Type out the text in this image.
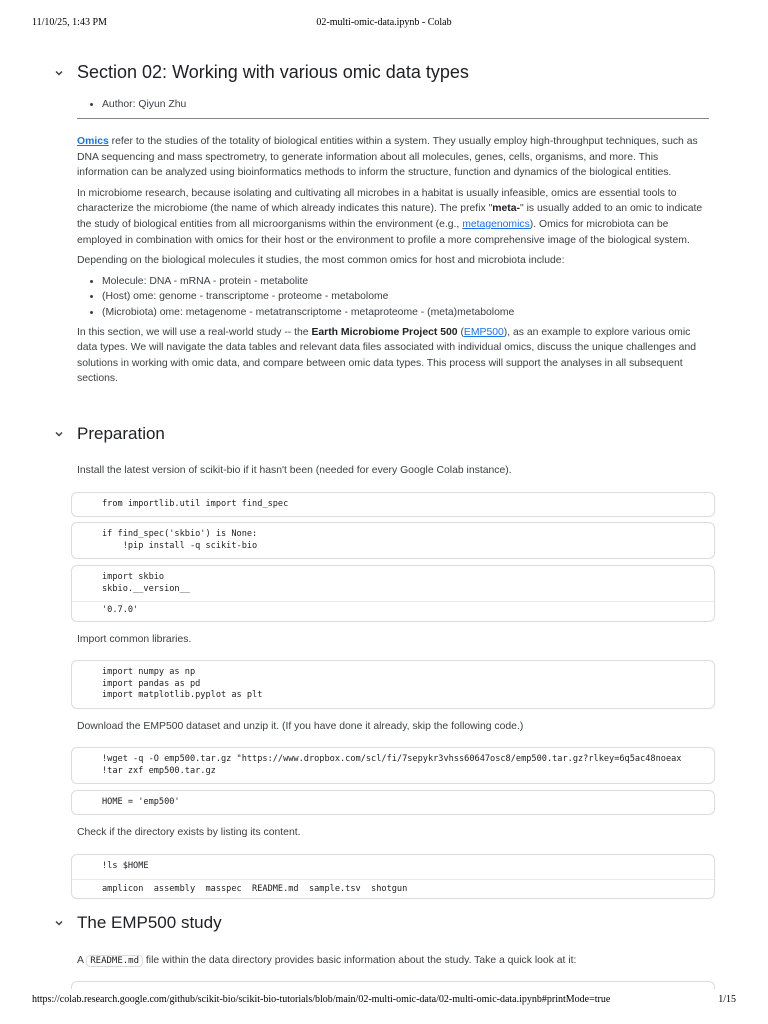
11/10/25, 1:43 PM	02-multi-omic-data.ipynb - Colab
Section 02: Working with various omic data types
• Author: Qiyun Zhu

Omics refer to the studies of the totality of biological entities within a system. They usually employ high-throughput techniques, such as DNA sequencing and mass spectrometry, to generate information about all molecules, genes, cells, organisms, and more. This information can be analyzed using bioinformatics methods to inform the structure, function and dynamics of the biological entities.

In microbiome research, because isolating and cultivating all microbes in a habitat is usually infeasible, omics are essential tools to characterize the microbiome (the name of which already indicates this nature). The prefix "meta-" is usually added to an omic to indicate the study of biological entities from all microorganisms within the environment (e.g., metagenomics). Omics for microbiota can be employed in combination with omics for their host or the environment to profile a more comprehensive image of the biological system.

Depending on the biological molecules it studies, the most common omics for host and microbiota include:

• Molecule: DNA - mRNA - protein - metabolite
• (Host) ome: genome - transcriptome - proteome - metabolome
• (Microbiota) ome: metagenome - metatranscriptome - metaproteome - (meta)metabolome

In this section, we will use a real-world study -- the Earth Microbiome Project 500 (EMP500), as an example to explore various omic data types. We will navigate the data tables and relevant data files associated with individual omics, discuss the unique challenges and solutions in working with omic data, and compare between omic data types. This process will support the analyses in all subsequent sections.

Preparation
Install the latest version of scikit-bio if it hasn't been (needed for every Google Colab instance).
from importlib.util import find_spec
if find_spec('skbio') is None:
!pip install -q scikit-bio
import skbio
skbio.__version__
'0.7.0'
Import common libraries.
import numpy as np
import pandas as pd
import matplotlib.pyplot as plt
Download the EMP500 dataset and unzip it. (If you have done it already, skip the following code.)
!wget -q -O emp500.tar.gz "https://www.dropbox.com/scl/fi/7sepykr3vhss60647osc8/emp500.tar.gz?rlkey=6q5ac48noeax
!tar zxf emp500.tar.gz
HOME = 'emp500'
Check if the directory exists by listing its content.
!ls $HOME
amplicon  assembly  masspec  README.md  sample.tsv  shotgun
The EMP500 study
A README.md file within the data directory provides basic information about the study. Take a quick look at it:
https://colab.research.google.com/github/scikit-bio/scikit-bio-tutorials/blob/main/02-multi-omic-data/02-multi-omic-data.ipynb#printMode=true	1/15
